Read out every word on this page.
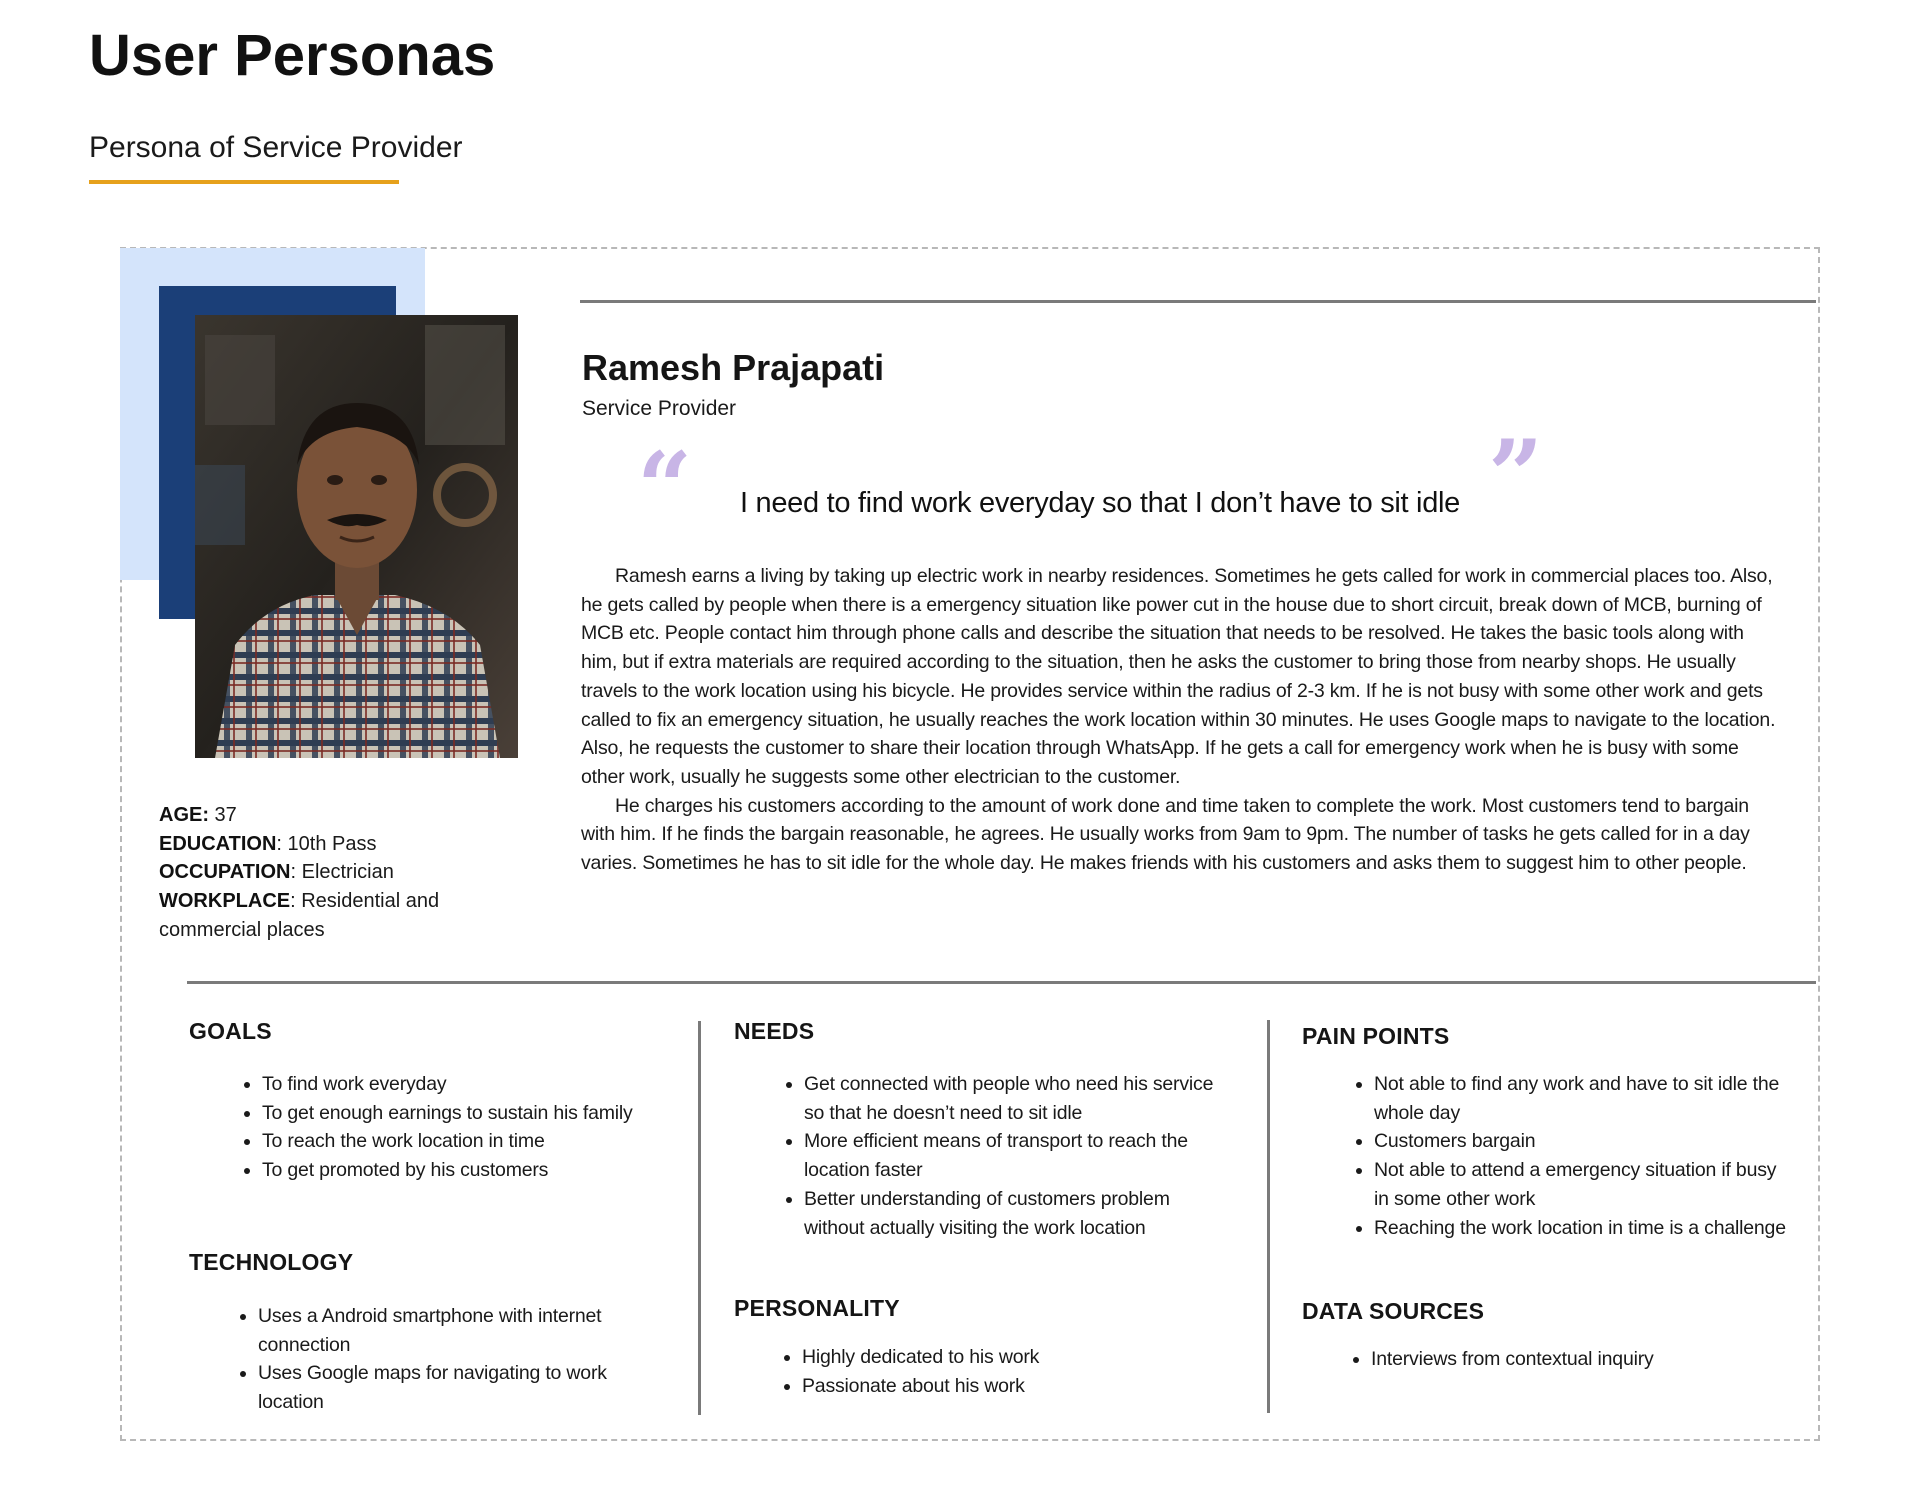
User Personas
Persona of Service Provider
Ramesh Prajapati

Service Provider

“	”

I need to find work everyday so that I don’t have to sit idle

Ramesh earns a living by taking up electric work in nearby residences. Sometimes he gets called for work in commercial places too. Also, he gets called by people when there is a emergency situation like power cut in the house due to short circuit, break down of MCB, burning of MCB etc. People contact him through phone calls and describe the situation that needs to be resolved. He takes the basic tools along with him, but if extra materials are required according to the situation, then he asks the customer to bring those from nearby shops. He usually travels to the work location using his bicycle. He provides service within the radius of 2-3 km. If he is not busy with some other work and gets called to fix an emergency situation, he usually reaches the work location within 30 minutes. He uses Google maps to navigate to the location. Also, he requests the customer to share their location through WhatsApp. If he gets a call for emergency work when he is busy with some other work, usually he suggests some other electrician to the customer.

He charges his customers according to the amount of work done and time taken to complete the work. Most customers tend to bargain with him. If he finds the bargain reasonable, he agrees. He usually works from 9am to 9pm. The number of tasks he gets called for in a day varies. Sometimes he has to sit idle for the whole day. He makes friends with his customers and asks them to suggest him to other people.

AGE: 37
EDUCATION: 10th Pass
OCCUPATION: Electrician
WORKPLACE: Residential and commercial places
GOALS
• To find work everyday
• To get enough earnings to sustain his family
• To reach the work location in time
• To get promoted by his customers
TECHNOLOGY
• Uses a Android smartphone with internet connection
• Uses Google maps for navigating to work location
NEEDS
• Get connected with people who need his service so that he doesn’t need to sit idle
• More efficient means of transport to reach the location faster
• Better understanding of customers problem without actually visiting the work location
PERSONALITY
• Highly dedicated to his work
• Passionate about his work
PAIN POINTS
• Not able to find any work and have to sit idle the whole day
• Customers bargain
• Not able to attend a emergency situation if busy in some other work
• Reaching the work location in time is a challenge
DATA SOURCES
• Interviews from contextual inquiry
